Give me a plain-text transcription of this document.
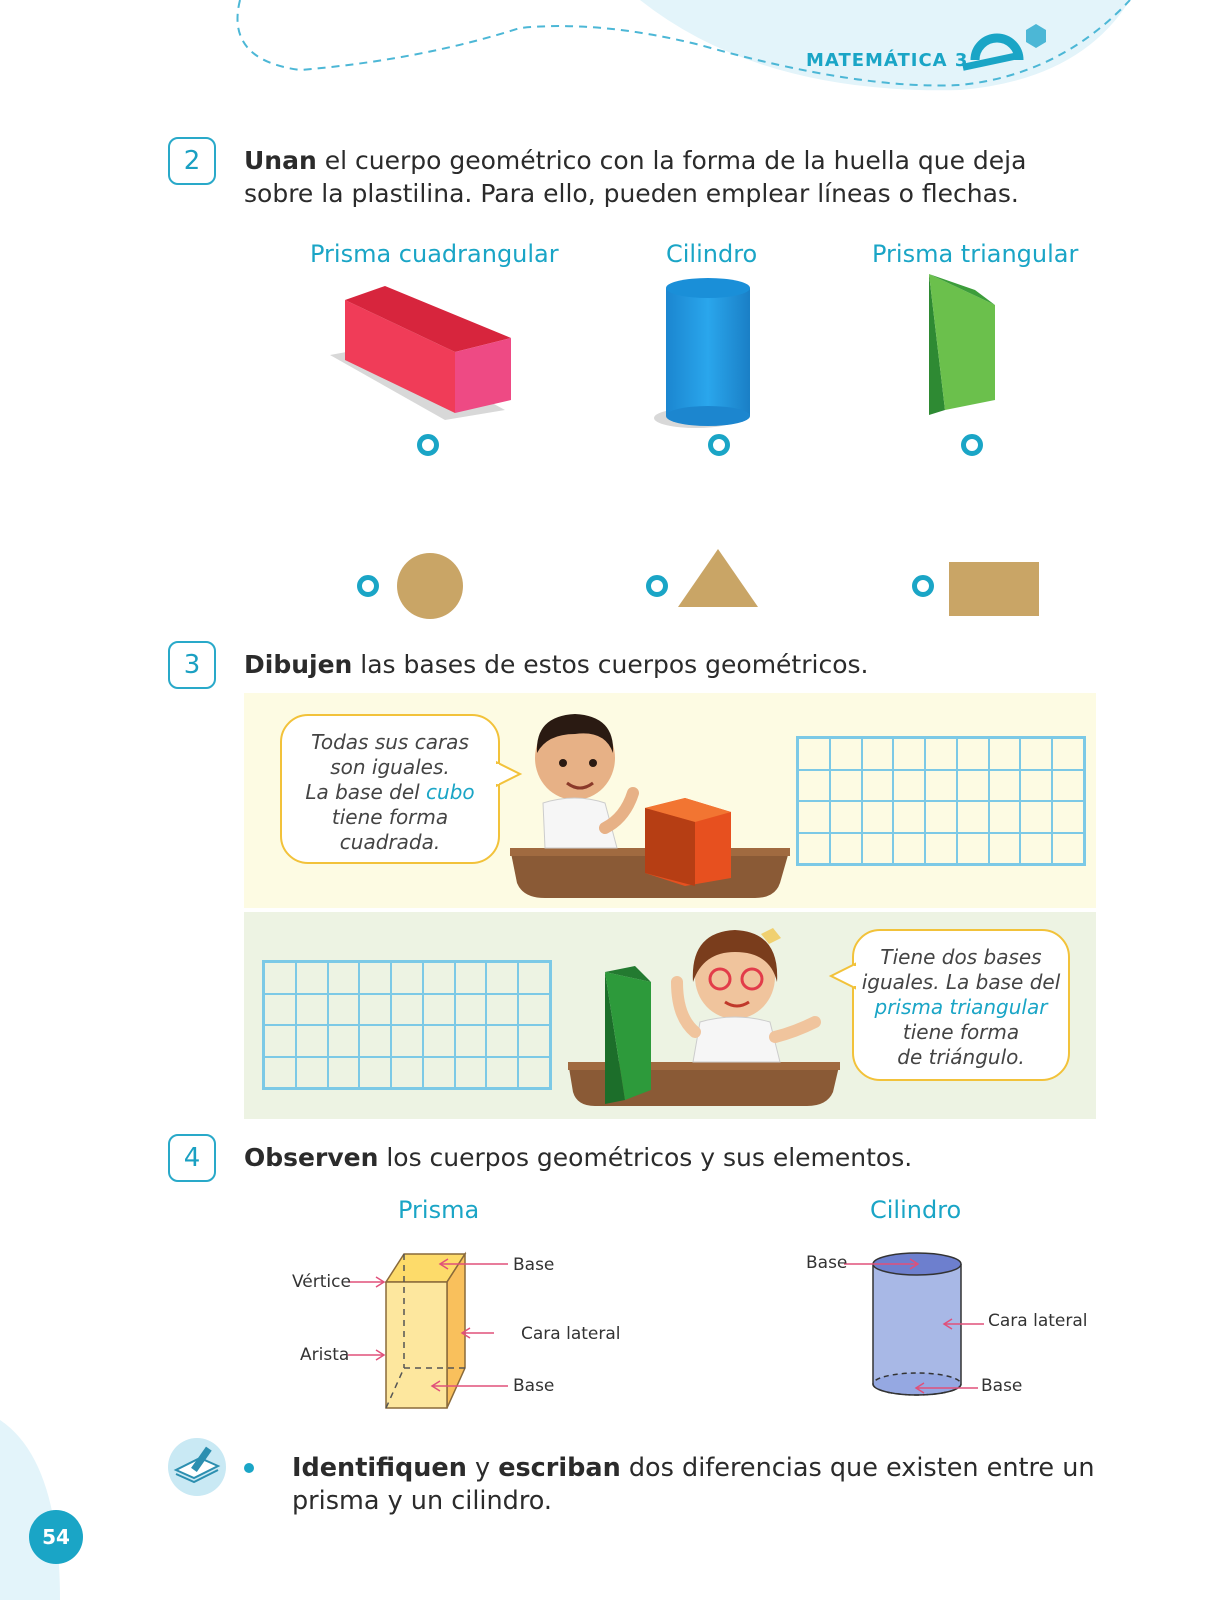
MATEMÁTICA 3
2	Unan el cuerpo geométrico con la forma de la huella que deja sobre la plastilina. Para ello, pueden emplear líneas o flechas.
Prisma cuadrangular	Cilindro	Prisma triangular
3	Dibujen las bases de estos cuerpos geométricos.
Todas sus caras
son iguales.
La base del cubo
tiene forma
cuadrada.
Tiene dos bases
iguales. La base del
prisma triangular
tiene forma
de triángulo.
4	Observen los cuerpos geométricos y sus elementos.
Prisma	Cilindro
Vértice
Arista
Base
Cara lateral
Base
Base
Cara lateral
Base
Identifiquen y escriban dos diferencias que existen entre un prisma y un cilindro.
54
